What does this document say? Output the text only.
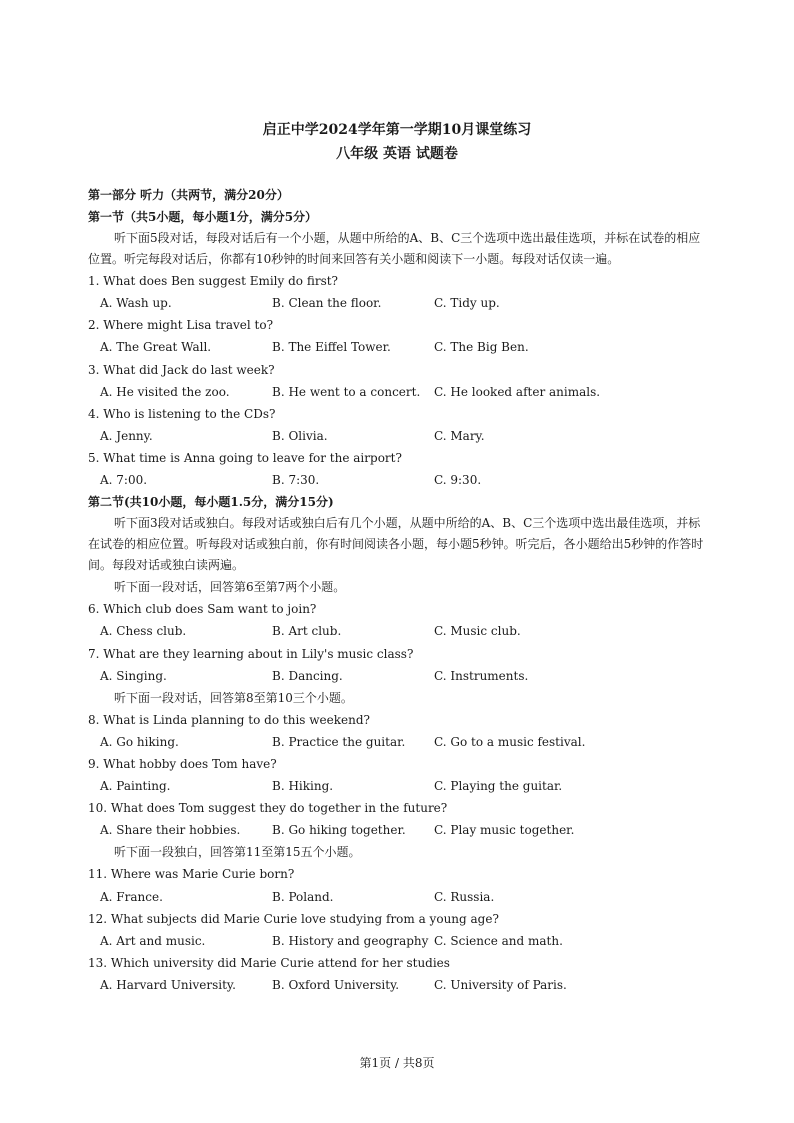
启正中学2024学年第一学期10月课堂练习
八年级 英语 试题卷
第一部分 听力（共两节，满分20分）
第一节（共5小题，每小题1分，满分5分）

听下面5段对话，每段对话后有一个小题，从题中所给的A、B、C三个选项中选出最佳选项，并标在试卷的相应位置。听完每段对话后，你都有10秒钟的时间来回答有关小题和阅读下一小题。每段对话仅读一遍。

1. What does Ben suggest Emily do first?
A. Wash up.	B. Clean the floor.	C. Tidy up.
2. Where might Lisa travel to?
A. The Great Wall.	B. The Eiffel Tower.	C. The Big Ben.
3. What did Jack do last week?
A. He visited the zoo.	B. He went to a concert.	C. He looked after animals.
4. Who is listening to the CDs?
A. Jenny.	B. Olivia.	C. Mary.
5. What time is Anna going to leave for the airport?
A. 7:00.	B. 7:30.	C. 9:30.
第二节(共10小题，每小题1.5分，满分15分)

听下面3段对话或独白。每段对话或独白后有几个小题，从题中所给的A、B、C三个选项中选出最佳选项，并标在试卷的相应位置。听每段对话或独白前，你有时间阅读各小题，每小题5秒钟。听完后，各小题给出5秒钟的作答时间。每段对话或独白读两遍。

听下面一段对话，回答第6至第7两个小题。
6. Which club does Sam want to join?
A. Chess club.	B. Art club.	C. Music club.
7. What are they learning about in Lily's music class?
A. Singing.	B. Dancing.	C. Instruments.
听下面一段对话，回答第8至第10三个小题。
8. What is Linda planning to do this weekend?
A. Go hiking.	B. Practice the guitar.	C. Go to a music festival.
9. What hobby does Tom have?
A. Painting.	B. Hiking.	C. Playing the guitar.
10. What does Tom suggest they do together in the future?
A. Share their hobbies.	B. Go hiking together.	C. Play music together.
听下面一段独白，回答第11至第15五个小题。
11. Where was Marie Curie born?
A. France.	B. Poland.	C. Russia.
12. What subjects did Marie Curie love studying from a young age?
A. Art and music.	B. History and geography C. Science and math.
13. Which university did Marie Curie attend for her studies
A. Harvard University.	B. Oxford University.	C. University of Paris.
第1页 / 共8页
